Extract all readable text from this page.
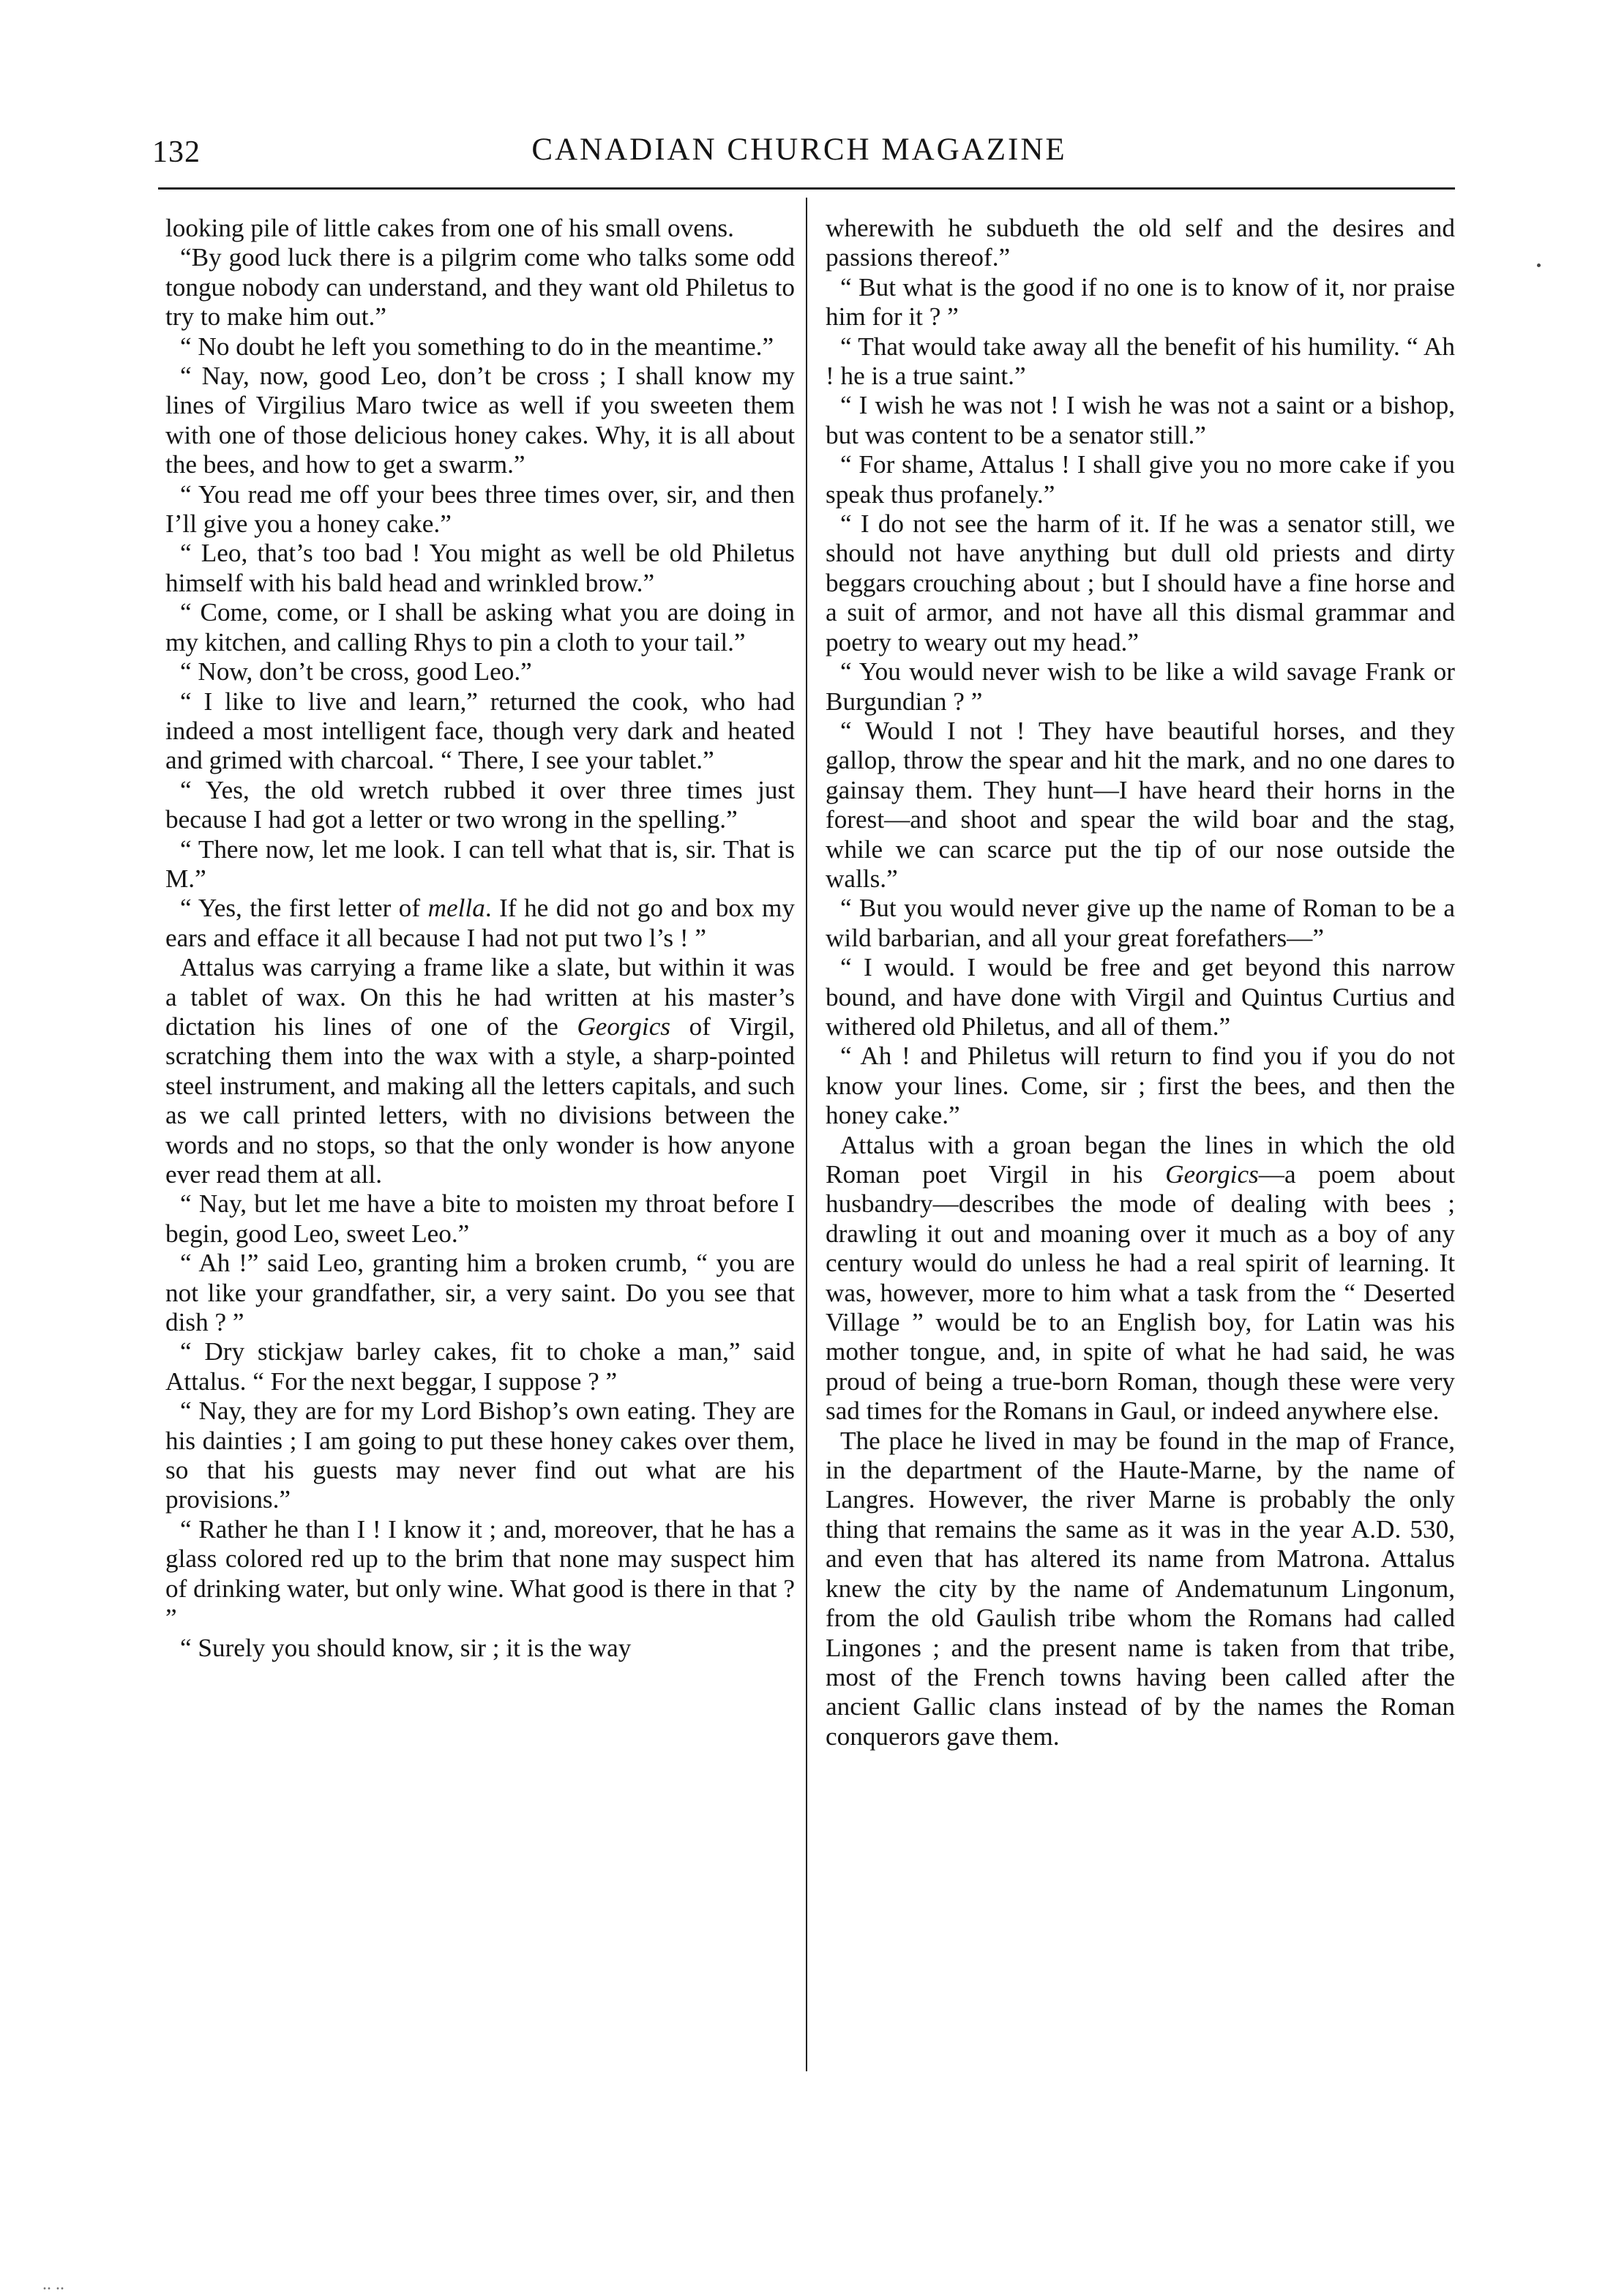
132	CANADIAN CHURCH MAGAZINE
.. ..

looking pile of little cakes from one of his small ovens.

“By good luck there is a pilgrim come who talks some odd tongue nobody can understand, and they want old Philetus to try to make him out.”

“ No doubt he left you something to do in the meantime.”

“ Nay, now, good Leo, don’t be cross ; I shall know my lines of Virgilius Maro twice as well if you sweeten them with one of those delicious honey cakes. Why, it is all about the bees, and how to get a swarm.”

“ You read me off your bees three times over, sir, and then I’ll give you a honey cake.”

“ Leo, that’s too bad ! You might as well be old Philetus himself with his bald head and wrinkled brow.”

“ Come, come, or I shall be asking what you are doing in my kitchen, and calling Rhys to pin a cloth to your tail.”

“ Now, don’t be cross, good Leo.”

“ I like to live and learn,” returned the cook, who had indeed a most intelligent face, though very dark and heated and grimed with charcoal. “ There, I see your tablet.”

“ Yes, the old wretch rubbed it over three times just because I had got a letter or two wrong in the spelling.”

“ There now, let me look. I can tell what that is, sir. That is M.”

“ Yes, the first letter of mella. If he did not go and box my ears and efface it all because I had not put two l’s ! ”

Attalus was carrying a frame like a slate, but within it was a tablet of wax. On this he had written at his master’s dictation his lines of one of the Georgics of Virgil, scratching them into the wax with a style, a sharp-pointed steel instrument, and making all the letters capitals, and such as we call printed letters, with no divisions between the words and no stops, so that the only wonder is how anyone ever read them at all.

“ Nay, but let me have a bite to moisten my throat before I begin, good Leo, sweet Leo.”

“ Ah !” said Leo, granting him a broken crumb, “ you are not like your grandfather, sir, a very saint. Do you see that dish ? ”

“ Dry stickjaw barley cakes, fit to choke a man,” said Attalus. “ For the next beggar, I suppose ? ”

“ Nay, they are for my Lord Bishop’s own eating. They are his dainties ; I am going to put these honey cakes over them, so that his guests may never find out what are his provisions.”

“ Rather he than I ! I know it ; and, moreover, that he has a glass colored red up to the brim that none may suspect him of drinking water, but only wine. What good is there in that ? ”

“ Surely you should know, sir ; it is the way

wherewith he subdueth the old self and the desires and passions thereof.”

“ But what is the good if no one is to know of it, nor praise him for it ? ”

“ That would take away all the benefit of his humility. “ Ah ! he is a true saint.”

“ I wish he was not ! I wish he was not a saint or a bishop, but was content to be a senator still.”

“ For shame, Attalus ! I shall give you no more cake if you speak thus profanely.”

“ I do not see the harm of it. If he was a senator still, we should not have anything but dull old priests and dirty beggars crouching about ; but I should have a fine horse and a suit of armor, and not have all this dismal grammar and poetry to weary out my head.”

“ You would never wish to be like a wild savage Frank or Burgundian ? ”

“ Would I not ! They have beautiful horses, and they gallop, throw the spear and hit the mark, and no one dares to gainsay them. They hunt—I have heard their horns in the forest—and shoot and spear the wild boar and the stag, while we can scarce put the tip of our nose outside the walls.”

“ But you would never give up the name of Roman to be a wild barbarian, and all your great forefathers—”

“ I would. I would be free and get beyond this narrow bound, and have done with Virgil and Quintus Curtius and withered old Philetus, and all of them.”

“ Ah ! and Philetus will return to find you if you do not know your lines. Come, sir ; first the bees, and then the honey cake.”

Attalus with a groan began the lines in which the old Roman poet Virgil in his Georgics—a poem about husbandry—describes the mode of dealing with bees ; drawling it out and moaning over it much as a boy of any century would do unless he had a real spirit of learning. It was, however, more to him what a task from the “ Deserted Village ” would be to an English boy, for Latin was his mother tongue, and, in spite of what he had said, he was proud of being a true-born Roman, though these were very sad times for the Romans in Gaul, or indeed anywhere else.

The place he lived in may be found in the map of France, in the department of the Haute-Marne, by the name of Langres. However, the river Marne is probably the only thing that remains the same as it was in the year A.D. 530, and even that has altered its name from Matrona. Attalus knew the city by the name of Andematunum Lingonum, from the old Gaulish tribe whom the Romans had called Lingones ; and the present name is taken from that tribe, most of the French towns having been called after the ancient Gallic clans instead of by the names the Roman conquerors gave them.
